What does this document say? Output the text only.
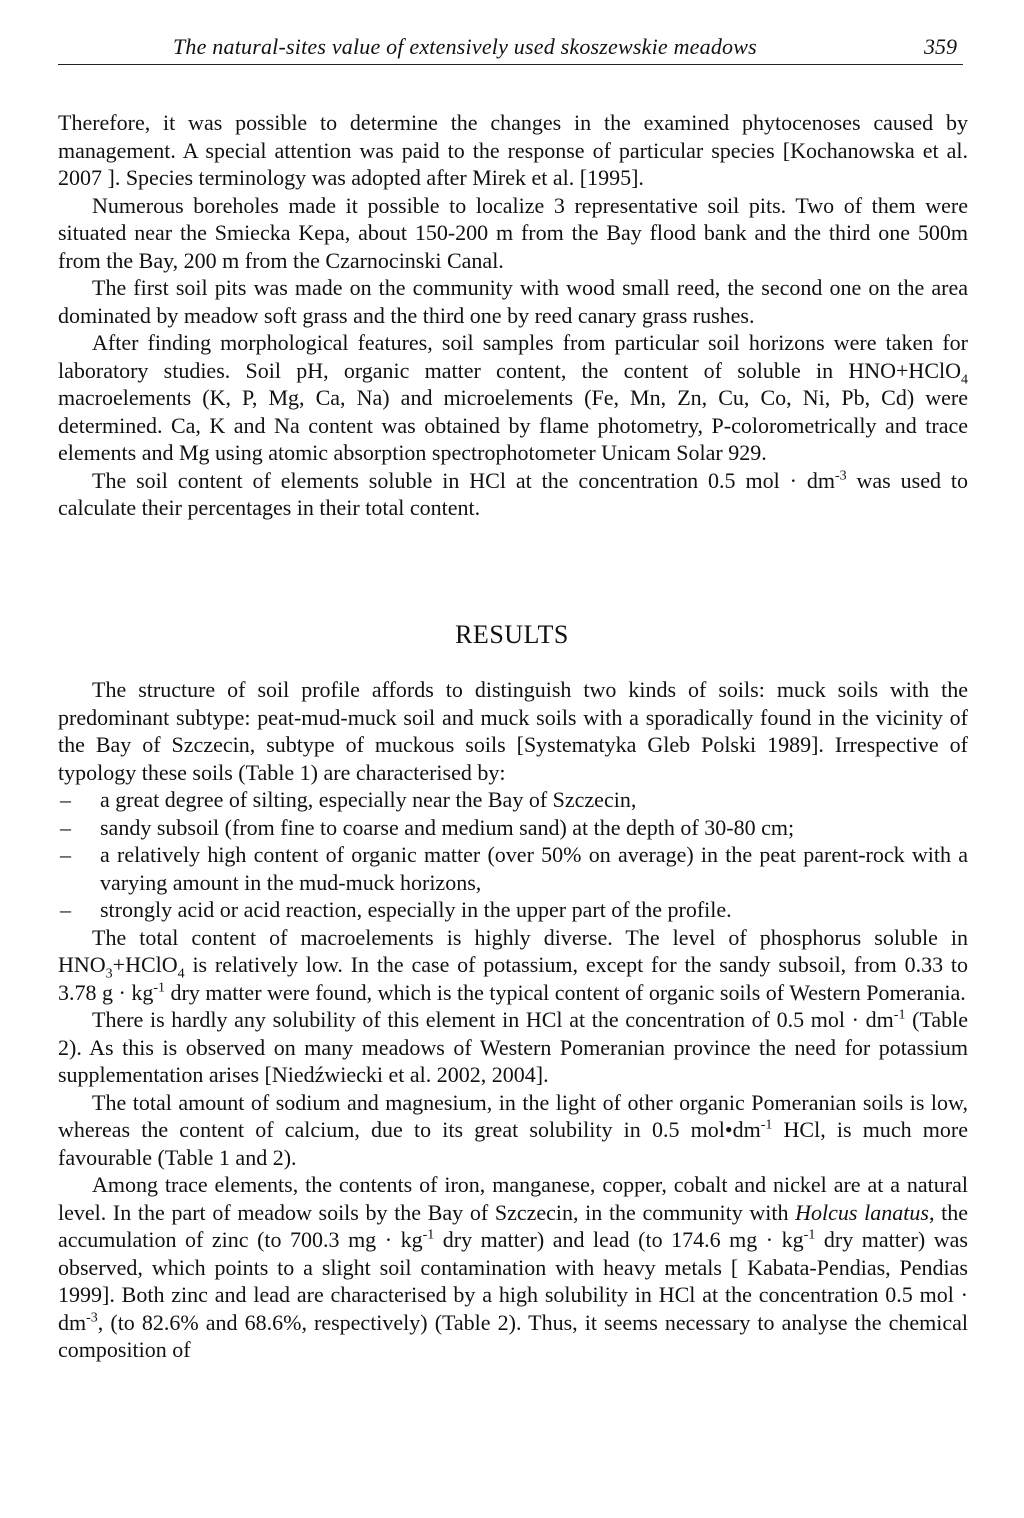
The natural-sites value of extensively used skoszewskie meadows	359

Therefore, it was possible to determine the changes in the examined phytocenoses caused by management. A special attention was paid to the response of particular species [Kochanowska et al. 2007 ]. Species terminology was adopted after Mirek et al. [1995].

Numerous boreholes made it possible to localize 3 representative soil pits. Two of them were situated near the Smiecka Kepa, about 150-200 m from the Bay flood bank and the third one 500m from the Bay, 200 m from the Czarnocinski Canal.

The first soil pits was made on the community with wood small reed, the second one on the area dominated by meadow soft grass and the third one by reed canary grass rushes.

After finding morphological features, soil samples from particular soil horizons were taken for laboratory studies. Soil pH, organic matter content, the content of soluble in HNO+HClO$_4$ macroelements (K, P, Mg, Ca, Na) and microelements (Fe, Mn, Zn, Cu, Co, Ni, Pb, Cd) were determined. Ca, K and Na content was obtained by flame photometry, P-colorometrically and trace elements and Mg using atomic absorption spectrophotometer Unicam Solar 929.

The soil content of elements soluble in HCl at the concentration 0.5 mol · $dm^{-3}$ was used to calculate their percentages in their total content.

RESULTS

The structure of soil profile affords to distinguish two kinds of soils: muck soils with the predominant subtype: peat-mud-muck soil and muck soils with a sporadically found in the vicinity of the Bay of Szczecin, subtype of muckous soils [Systematyka Gleb Polski 1989]. Irrespective of typology these soils (Table 1) are characterised by:

– a great degree of silting, especially near the Bay of Szczecin,
– sandy subsoil (from fine to coarse and medium sand) at the depth of 30-80 cm;
– a relatively high content of organic matter (over 50% on average) in the peat parent-rock with a varying amount in the mud-muck horizons,
– strongly acid or acid reaction, especially in the upper part of the profile.

The total content of macroelements is highly diverse. The level of phosphorus soluble in $HNO_3+HClO_4$ is relatively low. In the case of potassium, except for the sandy subsoil, from 0.33 to 3.78 $g \cdot kg^{-1}$ dry matter were found, which is the typical content of organic soils of Western Pomerania.

There is hardly any solubility of this element in HCl at the concentration of 0.5 mol · $dm^{-1}$ (Table 2). As this is observed on many meadows of Western Pomeranian province the need for potassium supplementation arises [Niedźwiecki et al. 2002, 2004].

The total amount of sodium and magnesium, in the light of other organic Pomeranian soils is low, whereas the content of calcium, due to its great solubility in 0.5 $mol•dm^{-1}$ HCl, is much more favourable (Table 1 and 2).

Among trace elements, the contents of iron, manganese, copper, cobalt and nickel are at a natural level. In the part of meadow soils by the Bay of Szczecin, in the community with Holcus lanatus, the accumulation of zinc (to 700.3 mg · $kg^{-1}$ dry matter) and lead (to 174.6 mg · $kg^{-1}$ dry matter) was observed, which points to a slight soil contamination with heavy metals [ Kabata-Pendias, Pendias 1999]. Both zinc and lead are characterised by a high solubility in HCl at the concentration 0.5 mol · $dm^{-3}$, (to 82.6% and 68.6%, respectively) (Table 2). Thus, it seems necessary to analyse the chemical composition of
